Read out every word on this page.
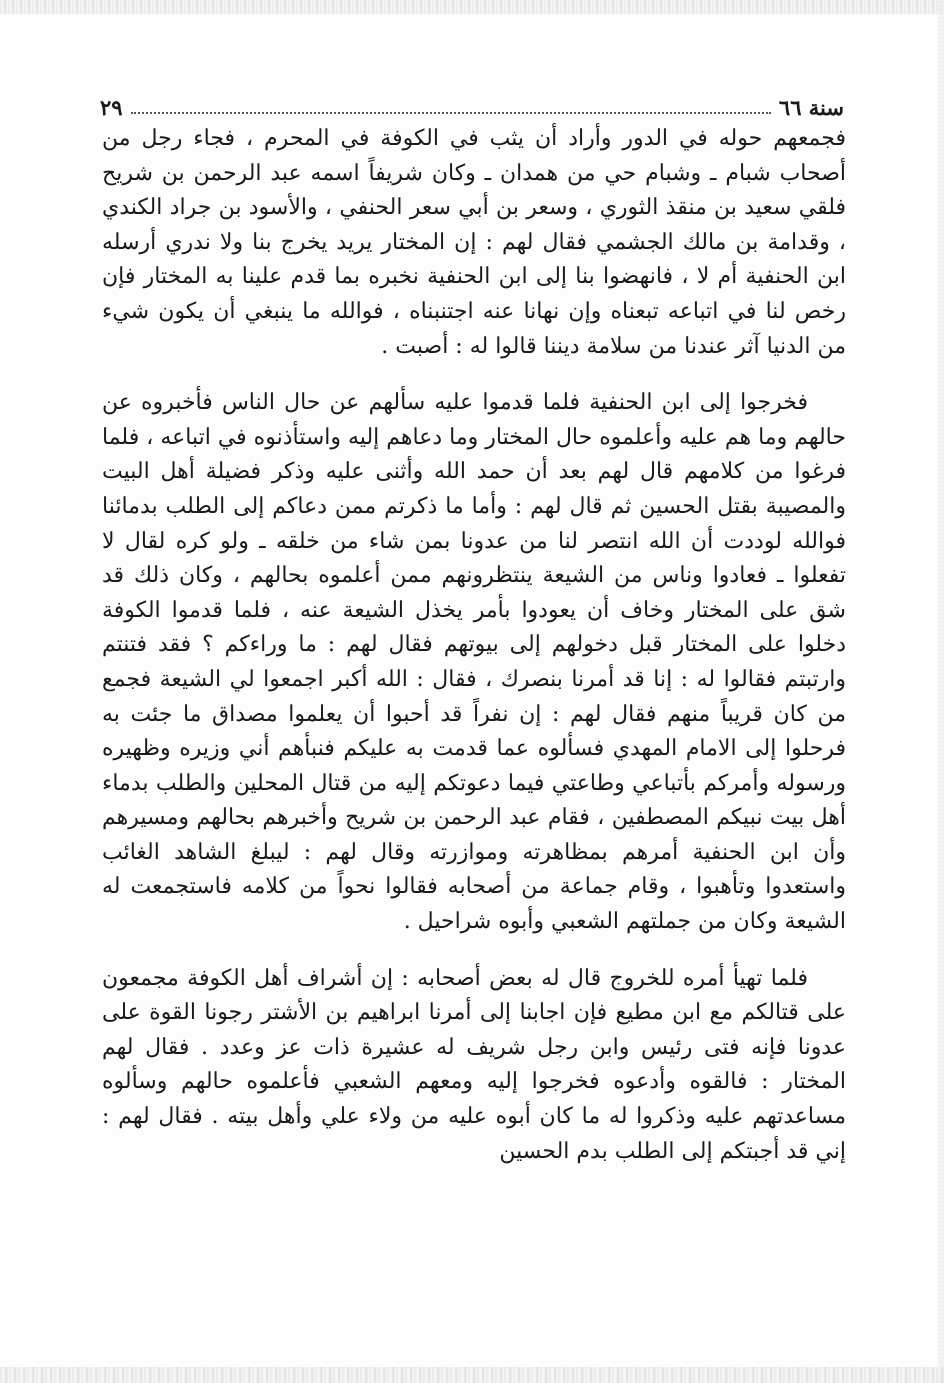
سنة ٦٦
٢٩

فجمعهم حوله في الدور وأراد أن يثب في الكوفة في المحرم ، فجاء رجل من أصحاب شبام ـ وشبام حي من همدان ـ وكان شريفاً اسمه عبد الرحمن بن شريح فلقي سعيد بن منقذ الثوري ، وسعر بن أبي سعر الحنفي ، والأسود بن جراد الكندي ، وقدامة بن مالك الجشمي فقال لهم : إن المختار يريد يخرج بنا ولا ندري أرسله ابن الحنفية أم لا ، فانهضوا بنا إلى ابن الحنفية نخبره بما قدم علينا به المختار فإن رخص لنا في اتباعه تبعناه وإن نهانا عنه اجتنبناه ، فوالله ما ينبغي أن يكون شيء من الدنيا آثر عندنا من سلامة ديننا قالوا له : أصبت .

فخرجوا إلى ابن الحنفية فلما قدموا عليه سألهم عن حال الناس فأخبروه عن حالهم وما هم عليه وأعلموه حال المختار وما دعاهم إليه واستأذنوه في اتباعه ، فلما فرغوا من كلامهم قال لهم بعد أن حمد الله وأثنى عليه وذكر فضيلة أهل البيت والمصيبة بقتل الحسين ثم قال لهم : وأما ما ذكرتم ممن دعاكم إلى الطلب بدمائنا فوالله لوددت أن الله انتصر لنا من عدونا بمن شاء من خلقه ـ ولو كره لقال لا تفعلوا ـ فعادوا وناس من الشيعة ينتظرونهم ممن أعلموه بحالهم ، وكان ذلك قد شق على المختار وخاف أن يعودوا بأمر يخذل الشيعة عنه ، فلما قدموا الكوفة دخلوا على المختار قبل دخولهم إلى بيوتهم فقال لهم : ما وراءكم ؟ فقد فتنتم وارتبتم فقالوا له : إنا قد أمرنا بنصرك ، فقال : الله أكبر اجمعوا لي الشيعة فجمع من كان قريباً منهم فقال لهم : إن نفراً قد أحبوا أن يعلموا مصداق ما جئت به فرحلوا إلى الامام المهدي فسألوه عما قدمت به عليكم فنبأهم أني وزيره وظهيره ورسوله وأمركم بأتباعي وطاعتي فيما دعوتكم إليه من قتال المحلين والطلب بدماء أهل بيت نبيكم المصطفين ، فقام عبد الرحمن بن شريح وأخبرهم بحالهم ومسيرهم وأن ابن الحنفية أمرهم بمظاهرته وموازرته وقال لهم : ليبلغ الشاهد الغائب واستعدوا وتأهبوا ، وقام جماعة من أصحابه فقالوا نحواً من كلامه فاستجمعت له الشيعة وكان من جملتهم الشعبي وأبوه شراحيل .

فلما تهيأ أمره للخروج قال له بعض أصحابه : إن أشراف أهل الكوفة مجمعون على قتالكم مع ابن مطيع فإن اجابنا إلى أمرنا ابراهيم بن الأشتر رجونا القوة على عدونا فإنه فتى رئيس وابن رجل شريف له عشيرة ذات عز وعدد . فقال لهم المختار : فالقوه وأدعوه فخرجوا إليه ومعهم الشعبي فأعلموه حالهم وسألوه مساعدتهم عليه وذكروا له ما كان أبوه عليه من ولاء علي وأهل بيته . فقال لهم : إني قد أجبتكم إلى الطلب بدم الحسين
